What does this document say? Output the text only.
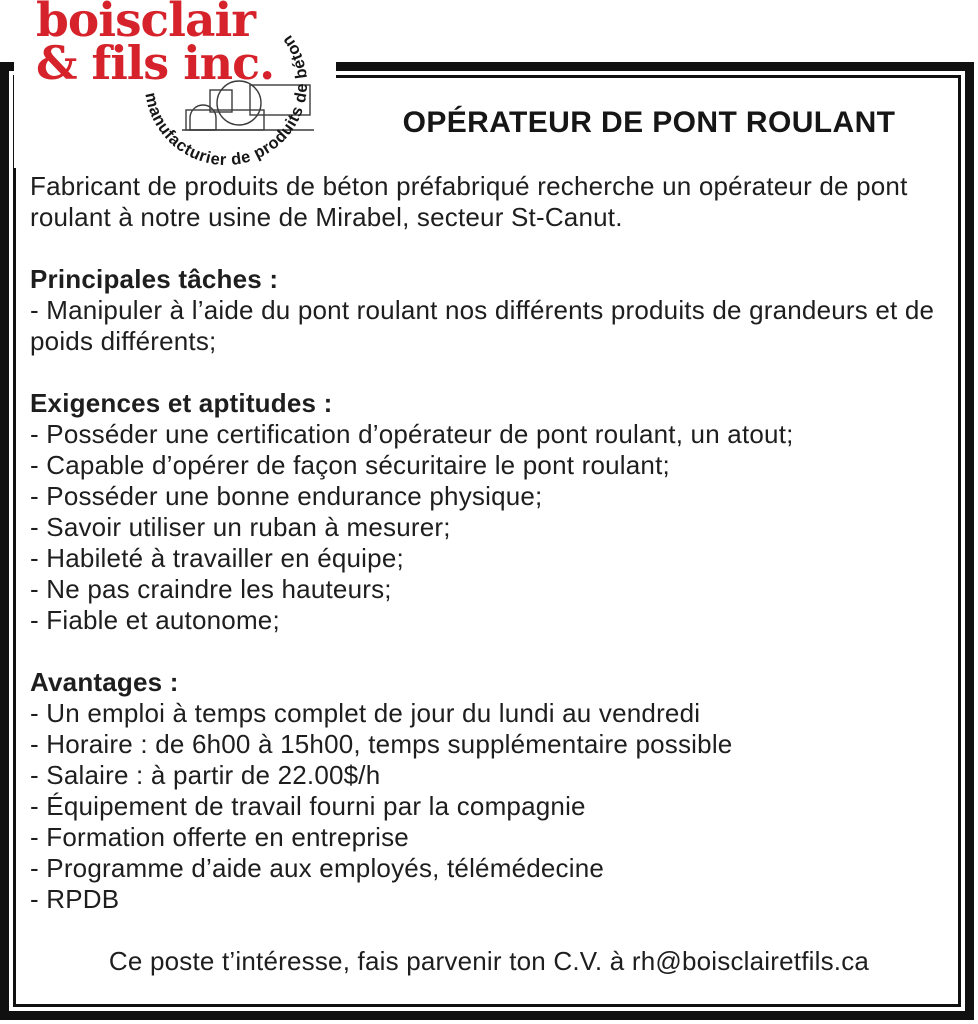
manufacturier de produits de béton
boisclair
& fils inc.
OPÉRATEUR DE PONT ROULANT
Fabricant de produits de béton préfabriqué recherche un opérateur de pont roulant à notre usine de Mirabel, secteur St-Canut.
Principales tâches :
- Manipuler à l’aide du pont roulant nos différents produits de grandeurs et de poids différents;
Exigences et aptitudes :
- Posséder une certification d’opérateur de pont roulant, un atout;
- Capable d’opérer de façon sécuritaire le pont roulant;
- Posséder une bonne endurance physique;
- Savoir utiliser un ruban à mesurer;
- Habileté à travailler en équipe;
- Ne pas craindre les hauteurs;
- Fiable et autonome;
Avantages :
- Un emploi à temps complet de jour du lundi au vendredi
- Horaire : de 6h00 à 15h00, temps supplémentaire possible
- Salaire : à partir de 22.00$/h
- Équipement de travail fourni par la compagnie
- Formation offerte en entreprise
- Programme d’aide aux employés, télémédecine
- RPDB
Ce poste t’intéresse, fais parvenir ton C.V. à rh@boisclairetfils.ca
